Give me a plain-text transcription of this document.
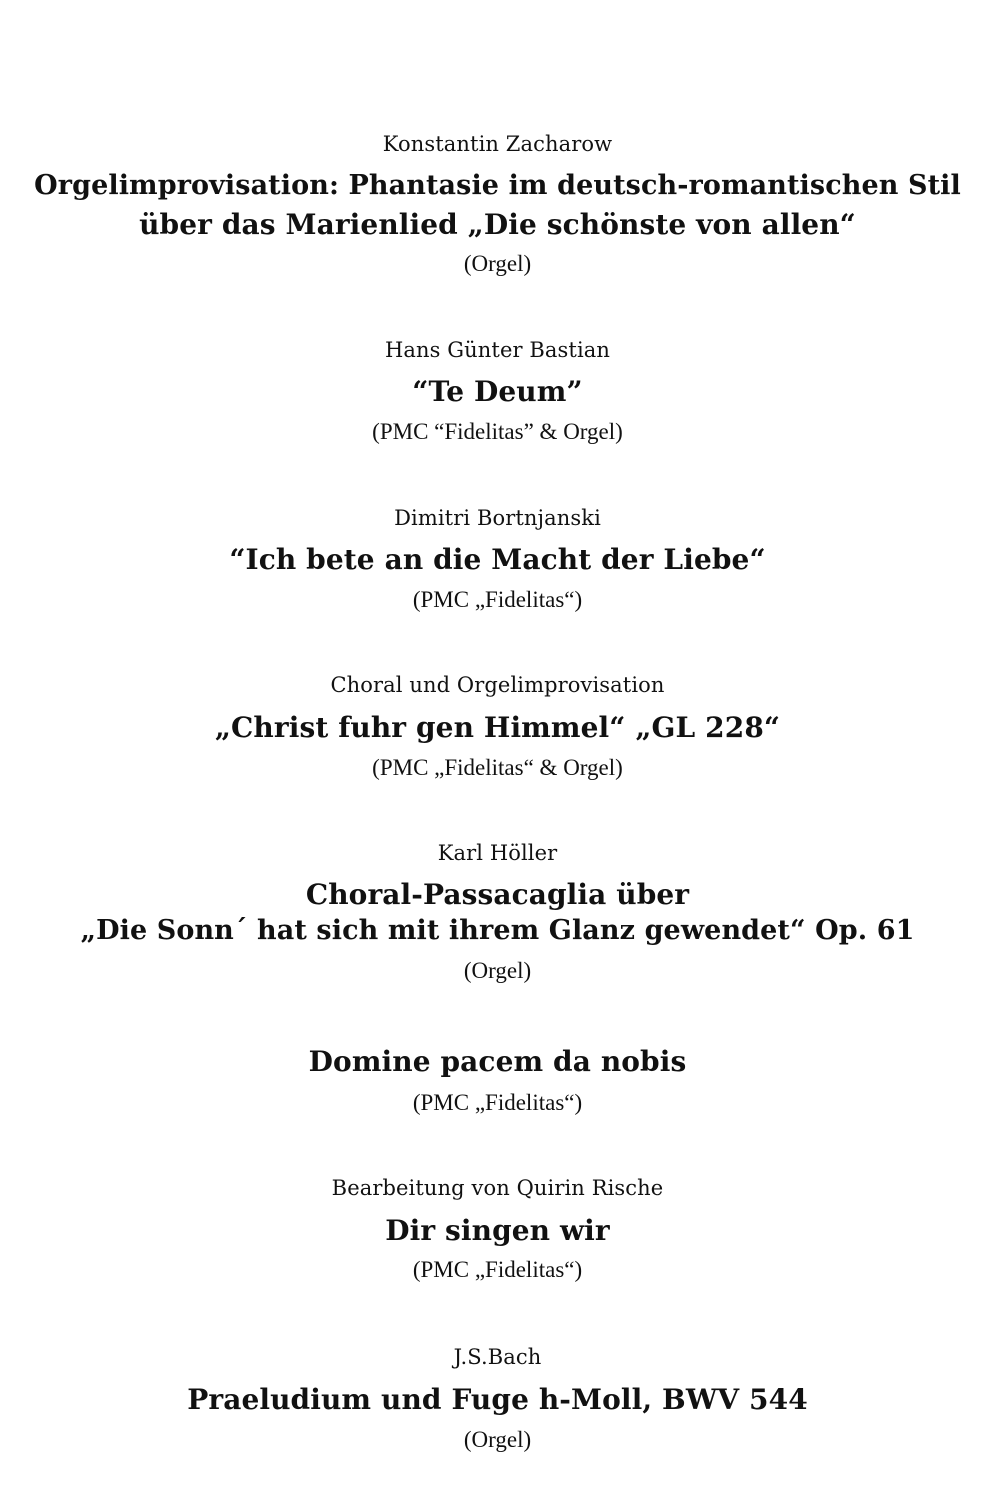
Konstantin Zacharow
Orgelimprovisation: Phantasie im deutsch-romantischen Stil
über das Marienlied „Die schönste von allen“
(Orgel)
Hans Günter Bastian
“Te Deum”
(PMC “Fidelitas” & Orgel)
Dimitri Bortnjanski
“Ich bete an die Macht der Liebe“
(PMC „Fidelitas“)
Choral und Orgelimprovisation
„Christ fuhr gen Himmel“ „GL 228“
(PMC „Fidelitas“ & Orgel)
Karl Höller
Choral-Passacaglia über
„Die Sonn´ hat sich mit ihrem Glanz gewendet“ Op. 61
(Orgel)
Domine pacem da nobis
(PMC „Fidelitas“)
Bearbeitung von Quirin Rische
Dir singen wir
(PMC „Fidelitas“)
J.S.Bach
Praeludium und Fuge h-Moll, BWV 544
(Orgel)
